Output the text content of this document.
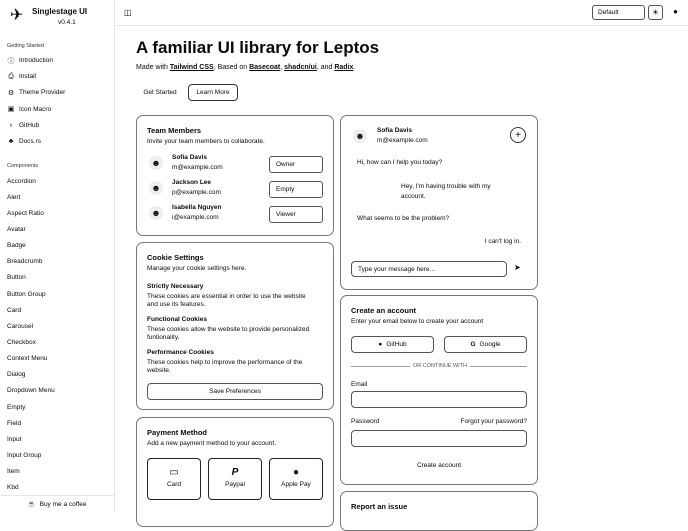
✈	Singlestage UI
v0.4.1
Getting Started
ⓘ Introduction
⎙ Install
⚙ Theme Provider
▣ Icon Macro
♁ GitHub
♣ Docs.rs
Components
Accordion
Alert
Aspect Ratio
Avatar
Badge
Breadcrumb
Button
Button Group
Card
Carousel
Checkbox
Context Menu
Dialog
Dropdown Menu
Empty
Field
Input
Input Group
Item
Kbd
☕ Buy me a coffee
◫	Default	☀	●
A familiar UI library for Leptos
Made with Tailwind CSS, Based on Basecoat, shadcn/ui, and Radix.
Get Started	Learn More
Team Members
Invite your team members to collaborate.
☻
Sofia Davis
m@example.com	Owner
☻
Jackson Lee
p@example.com	Empty
☻
Isabella Nguyen
i@example.com	Viewer
Cookie Settings
Manage your cookie settings here.
Strictly Necessary
These cookies are essential in order to use the website and use its features.
Functional Cookies
These cookies allow the website to provide personalized funtionality.
Performance Cookies
These cookies help to improve the performance of the website.
Save Preferences
Payment Method
Add a new payment method to your account.
▭
Card
P
Paypal
●
Apple Pay
☻
Sofia Davis
m@example.com	+
Hi, how can I help you today?
Hey, I'm having trouble with my account.
What seems to be the problem?
I can't log in.
Type your message here...	➤
Create an account
Enter your email below to create your account
● GitHub	G Google
OR CONTINUE WITH
Email
Password	Forgot your password?
Create account
Report an issue
